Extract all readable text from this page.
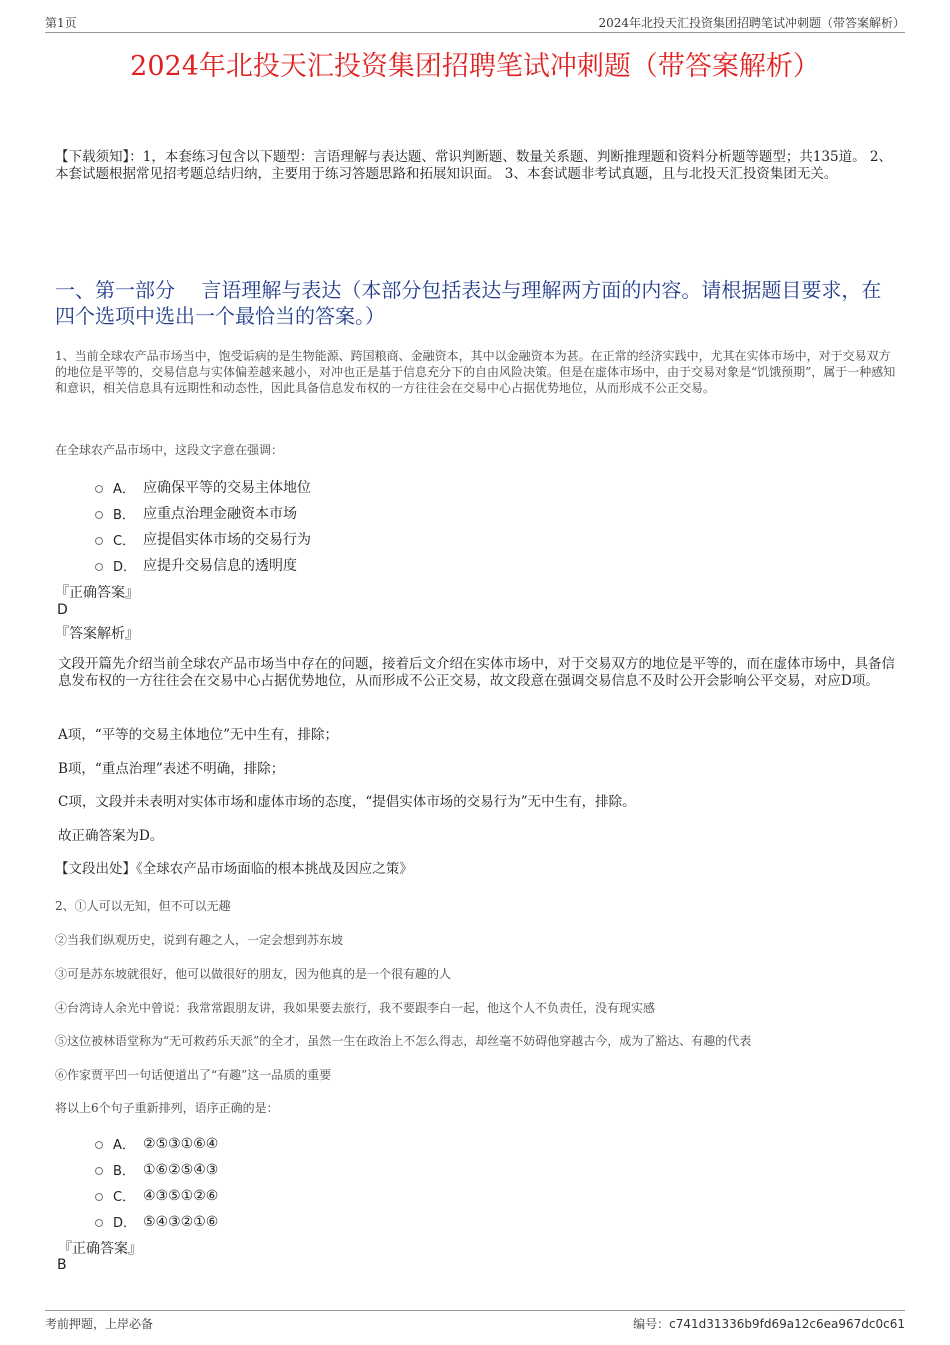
第1页	2024年北投天汇投资集团招聘笔试冲刺题（带答案解析）
2024年北投天汇投资集团招聘笔试冲刺题（带答案解析）
【下载须知】：1，本套练习包含以下题型：言语理解与表达题、常识判断题、数量关系题、判断推理题和资料分析题等题型；共135道。 2、本套试题根据常见招考题总结归纳，主要用于练习答题思路和拓展知识面。 3、本套试题非考试真题，且与北投天汇投资集团无关。
一、第一部分　 言语理解与表达（本部分包括表达与理解两方面的内容。请根据题目要求，在四个选项中选出一个最恰当的答案。）
1、当前全球农产品市场当中，饱受诟病的是生物能源、跨国粮商、金融资本，其中以金融资本为甚。在正常的经济实践中，尤其在实体市场中，对于交易双方的地位是平等的，交易信息与实体偏差越来越小，对冲也正是基于信息充分下的自由风险决策。但是在虚体市场中，由于交易对象是“饥饿预期”，属于一种感知和意识，相关信息具有远期性和动态性，因此具备信息发布权的一方往往会在交易中心占据优势地位，从而形成不公正交易。
在全球农产品市场中，这段文字意在强调：
A． 应确保平等的交易主体地位
B． 应重点治理金融资本市场
C． 应提倡实体市场的交易行为
D． 应提升交易信息的透明度
『正确答案』
D
『答案解析』
文段开篇先介绍当前全球农产品市场当中存在的问题，接着后文介绍在实体市场中，对于交易双方的地位是平等的，而在虚体市场中，具备信息发布权的一方往往会在交易中心占据优势地位，从而形成不公正交易，故文段意在强调交易信息不及时公开会影响公平交易，对应D项。
A项，“平等的交易主体地位”无中生有，排除；
B项，“重点治理”表述不明确，排除；
C项，文段并未表明对实体市场和虚体市场的态度，“提倡实体市场的交易行为”无中生有，排除。
故正确答案为D。
【文段出处】《全球农产品市场面临的根本挑战及因应之策》
2、①人可以无知，但不可以无趣
②当我们纵观历史，说到有趣之人，一定会想到苏东坡
③可是苏东坡就很好，他可以做很好的朋友，因为他真的是一个很有趣的人
④台湾诗人余光中曾说：我常常跟朋友讲，我如果要去旅行，我不要跟李白一起，他这个人不负责任，没有现实感
⑤这位被林语堂称为“无可救药乐天派”的全才，虽然一生在政治上不怎么得志，却丝毫不妨碍他穿越古今，成为了豁达、有趣的代表
⑥作家贾平凹一句话便道出了“有趣”这一品质的重要
将以上6个句子重新排列，语序正确的是：
A． ②⑤③①⑥④
B． ①⑥②⑤④③
C． ④③⑤①②⑥
D． ⑤④③②①⑥
『正确答案』
B
考前押题，上岸必备	编号：c741d31336b9fd69a12c6ea967dc0c61
